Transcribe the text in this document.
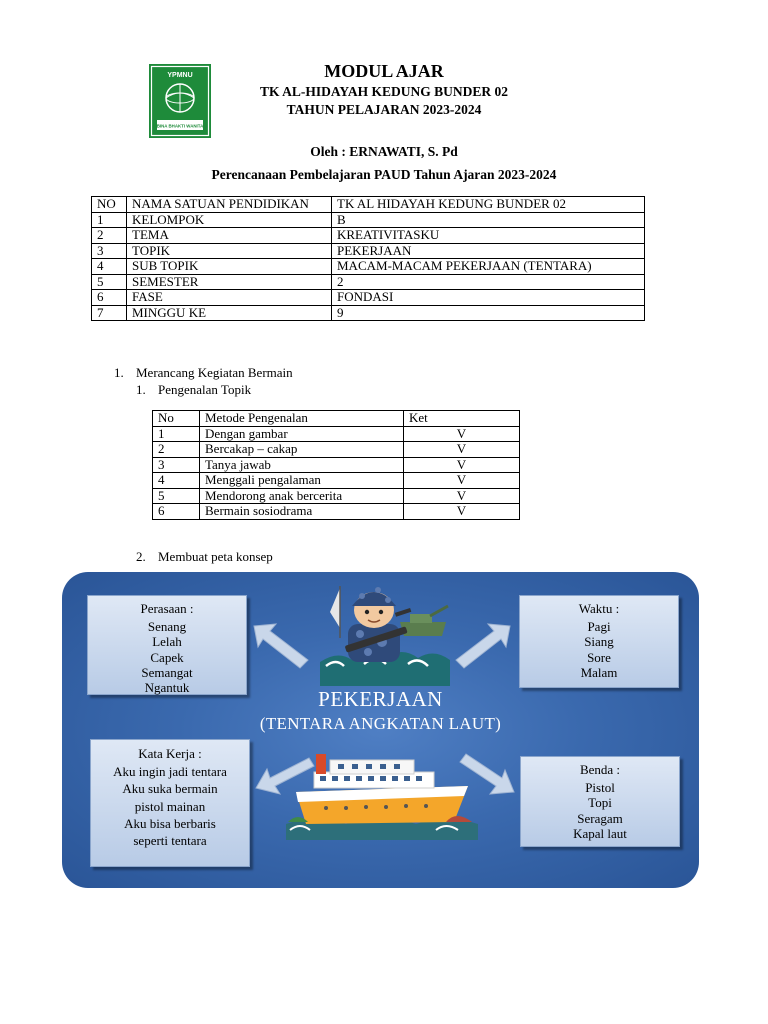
YPMNU
BINA BHAKTI WANITA
MODUL AJAR
TK AL-HIDAYAH KEDUNG BUNDER 02
TAHUN PELAJARAN 2023-2024
Oleh : ERNAWATI, S. Pd
Perencanaan Pembelajaran PAUD Tahun Ajaran 2023-2024
NO	NAMA SATUAN PENDIDIKAN	TK AL HIDAYAH KEDUNG BUNDER 02
1	KELOMPOK	B
2	TEMA	KREATIVITASKU
3	TOPIK	PEKERJAAN
4	SUB TOPIK	MACAM-MACAM PEKERJAAN (TENTARA)
5	SEMESTER	2
6	FASE	FONDASI
7	MINGGU KE	9
1. Merancang Kegiatan Bermain
1. Pengenalan Topik
No	Metode Pengenalan	Ket
1	Dengan gambar	V
2	Bercakap – cakap	V
3	Tanya jawab	V
4	Menggali pengalaman	V
5	Mendorong anak bercerita	V
6	Bermain sosiodrama	V
2. Membuat peta konsep
PEKERJAAN
(TENTARA ANGKATAN LAUT)
Perasaan :
Senang
Lelah
Capek
Semangat
Ngantuk
Waktu :
Pagi
Siang
Sore
Malam
Kata Kerja :
Aku ingin jadi tentara
Aku suka bermain
pistol mainan
Aku bisa berbaris
seperti tentara
Benda :
Pistol
Topi
Seragam
Kapal laut
